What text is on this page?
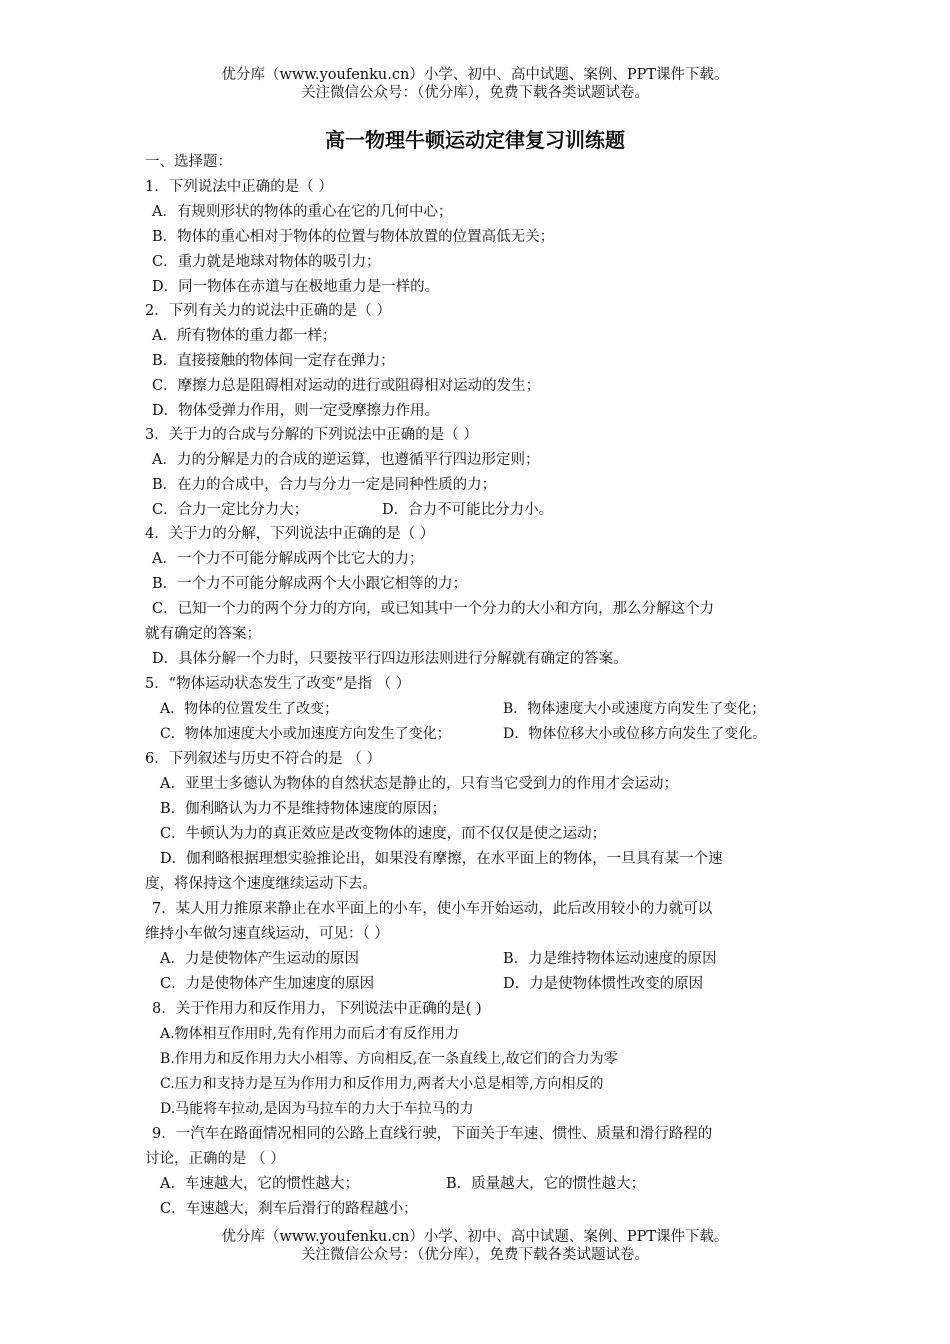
优分库（www.youfenku.cn）小学、初中、高中试题、案例、PPT课件下载。
关注微信公众号：（优分库），免费下载各类试题试卷。
高一物理牛顿运动定律复习训练题
一、选择题：
1．下列说法中正确的是（ ）
A．有规则形状的物体的重心在它的几何中心；
B．物体的重心相对于物体的位置与物体放置的位置高低无关；
C．重力就是地球对物体的吸引力；
D．同一物体在赤道与在极地重力是一样的。
2．下列有关力的说法中正确的是（ ）
A．所有物体的重力都一样；
B．直接接触的物体间一定存在弹力；
C．摩擦力总是阻碍相对运动的进行或阻碍相对运动的发生；
D．物体受弹力作用，则一定受摩擦力作用。
3．关于力的合成与分解的下列说法中正确的是（ ）
A．力的分解是力的合成的逆运算，也遵循平行四边形定则；
B．在力的合成中，合力与分力一定是同种性质的力；
C．合力一定比分力大；	D．合力不可能比分力小。
4．关于力的分解，下列说法中正确的是（ ）
A．一个力不可能分解成两个比它大的力；
B．一个力不可能分解成两个大小跟它相等的力；
C．已知一个力的两个分力的方向，或已知其中一个分力的大小和方向，那么分解这个力
就有确定的答案；
D．具体分解一个力时，只要按平行四边形法则进行分解就有确定的答案。
5．“物体运动状态发生了改变”是指 （ ）
A．物体的位置发生了改变；	B．物体速度大小或速度方向发生了变化；
C．物体加速度大小或加速度方向发生了变化；	D．物体位移大小或位移方向发生了变化。
6．下列叙述与历史不符合的是 （ ）
A．亚里士多德认为物体的自然状态是静止的，只有当它受到力的作用才会运动；
B．伽利略认为力不是维持物体速度的原因；
C．牛顿认为力的真正效应是改变物体的速度，而不仅仅是使之运动；
D．伽利略根据理想实验推论出，如果没有摩擦，在水平面上的物体，一旦具有某一个速
度，将保持这个速度继续运动下去。
7．某人用力推原来静止在水平面上的小车，使小车开始运动，此后改用较小的力就可以
维持小车做匀速直线运动，可见：（ ）
A．力是使物体产生运动的原因	B．力是维持物体运动速度的原因
C．力是使物体产生加速度的原因	D．力是使物体惯性改变的原因
8．关于作用力和反作用力，下列说法中正确的是( )
A.物体相互作用时,先有作用力而后才有反作用力
B.作用力和反作用力大小相等、方向相反,在一条直线上,故它们的合力为零
C.压力和支持力是互为作用力和反作用力,两者大小总是相等,方向相反的
D.马能将车拉动,是因为马拉车的力大于车拉马的力
9．一汽车在路面情况相同的公路上直线行驶，下面关于车速、惯性、质量和滑行路程的
讨论，正确的是 （ ）
A．车速越大，它的惯性越大；	B．质量越大，它的惯性越大；
C．车速越大，刹车后滑行的路程越小；
优分库（www.youfenku.cn）小学、初中、高中试题、案例、PPT课件下载。
关注微信公众号：（优分库），免费下载各类试题试卷。
